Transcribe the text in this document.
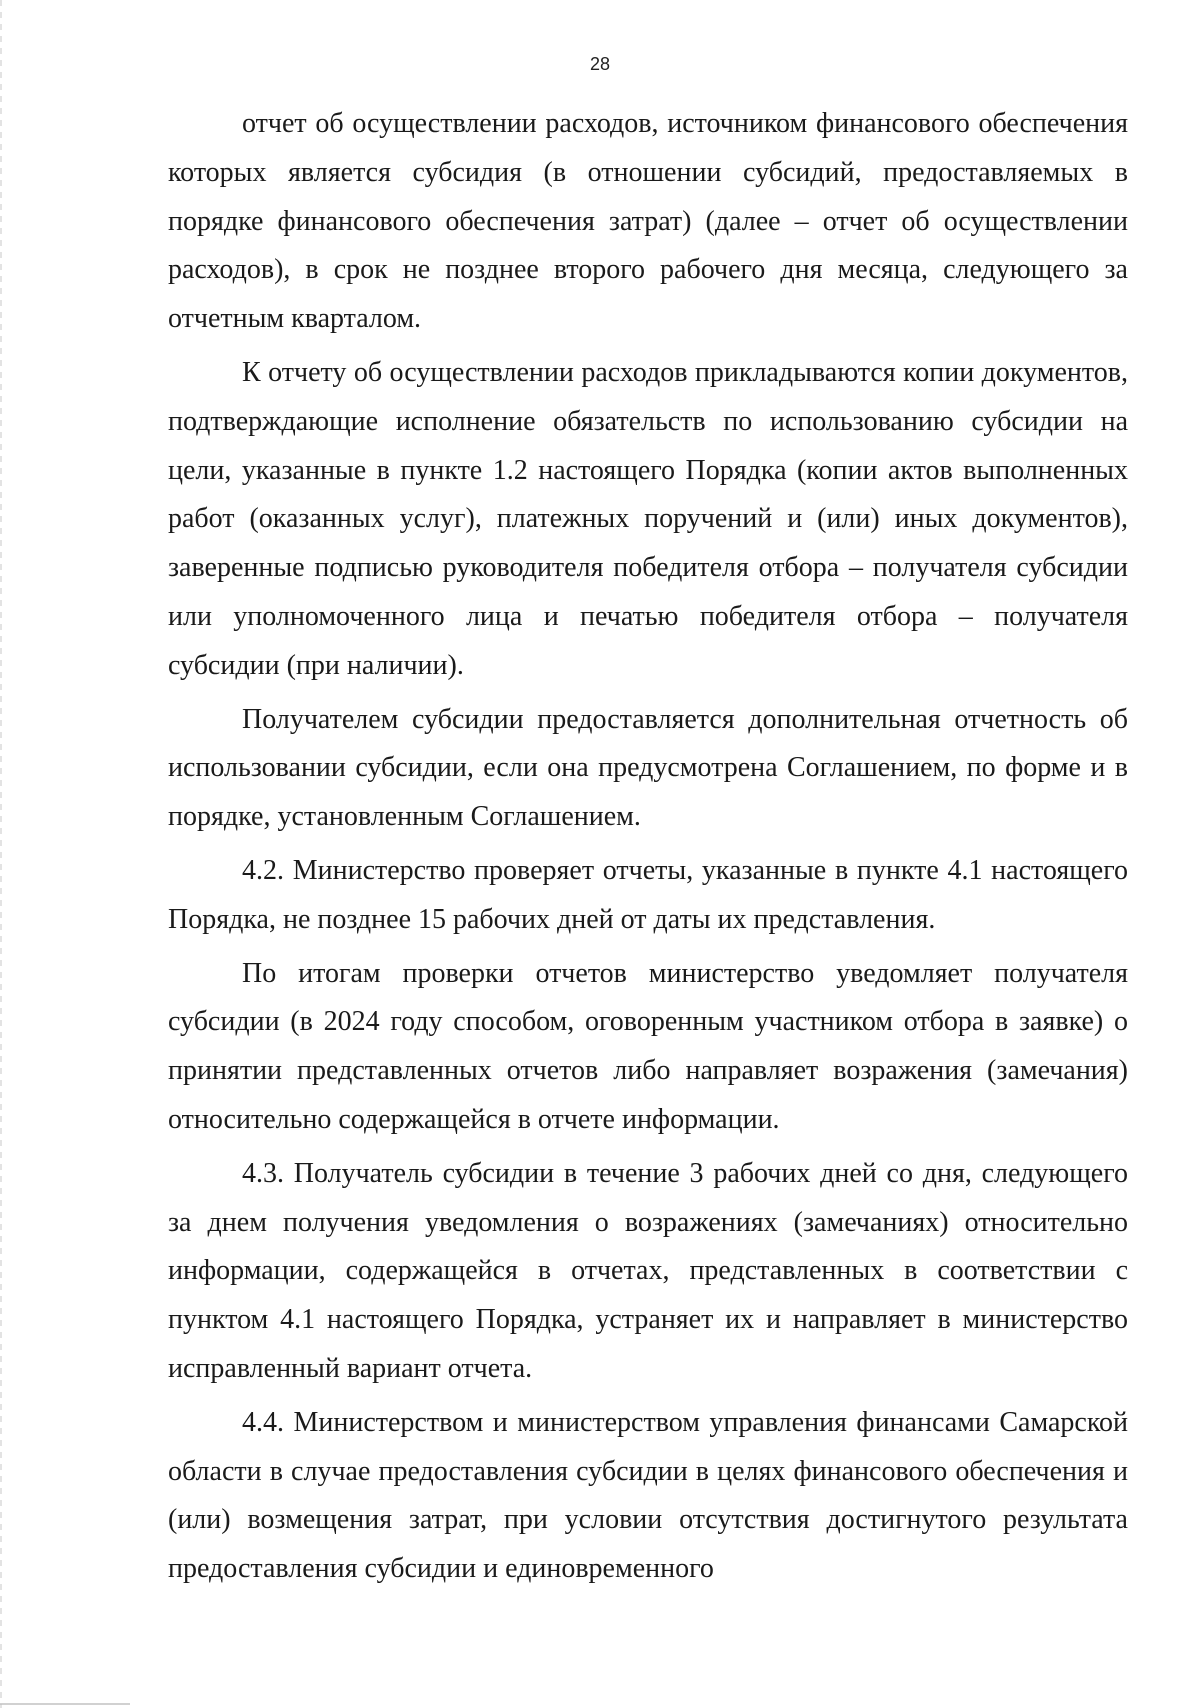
28

отчет об осуществлении расходов, источником финансового обеспечения которых является субсидия (в отношении субсидий, предоставляемых в порядке финансового обеспечения затрат) (далее – отчет об осуществлении расходов), в срок не позднее второго рабочего дня месяца, следующего за отчетным кварталом.

К отчету об осуществлении расходов прикладываются копии документов, подтверждающие исполнение обязательств по использованию субсидии на цели, указанные в пункте 1.2 настоящего Порядка (копии актов выполненных работ (оказанных услуг), платежных поручений и (или) иных документов), заверенные подписью руководителя победителя отбора – получателя субсидии или уполномоченного лица и печатью победителя отбора – получателя субсидии (при наличии).

Получателем субсидии предоставляется дополнительная отчетность об использовании субсидии, если она предусмотрена Соглашением, по форме и в порядке, установленным Соглашением.

4.2. Министерство проверяет отчеты, указанные в пункте 4.1 настоящего Порядка, не позднее 15 рабочих дней от даты их представления.

По итогам проверки отчетов министерство уведомляет получателя субсидии (в 2024 году способом, оговоренным участником отбора в заявке) о принятии представленных отчетов либо направляет возражения (замечания) относительно содержащейся в отчете информации.

4.3. Получатель субсидии в течение 3 рабочих дней со дня, следующего за днем получения уведомления о возражениях (замечаниях) относительно информации, содержащейся в отчетах, представленных в соответствии с пунктом 4.1 настоящего Порядка, устраняет их и направляет в министерство исправленный вариант отчета.

4.4. Министерством и министерством управления финансами Самарской области в случае предоставления субсидии в целях финансового обеспечения и (или) возмещения затрат, при условии отсутствия достигнутого результата предоставления субсидии и единовременного
